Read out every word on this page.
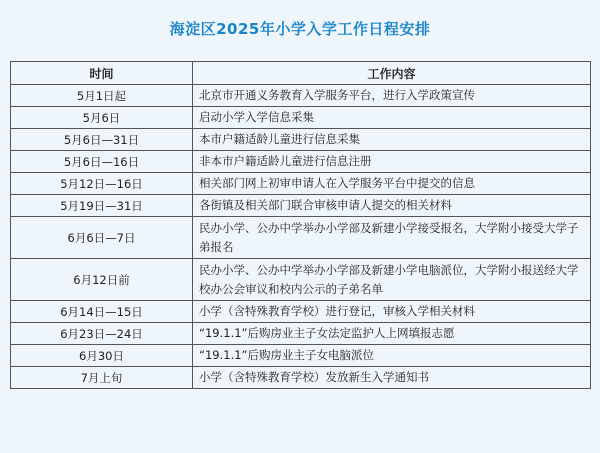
海淀区2025年小学入学工作日程安排
时间	工作内容
5月1日起	北京市开通义务教育入学服务平台，进行入学政策宣传
5月6日	启动小学入学信息采集
5月6日—31日	本市户籍适龄儿童进行信息采集
5月6日—16日	非本市户籍适龄儿童进行信息注册
5月12日—16日	相关部门网上初审申请人在入学服务平台中提交的信息
5月19日—31日	各街镇及相关部门联合审核申请人提交的相关材料
6月6日—7日	民办小学、公办中学举办小学部及新建小学接受报名，大学附小接受大学子弟报名
6月12日前	民办小学、公办中学举办小学部及新建小学电脑派位，大学附小报送经大学校办公会审议和校内公示的子弟名单
6月14日—15日	小学（含特殊教育学校）进行登记，审核入学相关材料
6月23日—24日	“19.1.1”后购房业主子女法定监护人上网填报志愿
6月30日	“19.1.1”后购房业主子女电脑派位
7月上旬	小学（含特殊教育学校）发放新生入学通知书
